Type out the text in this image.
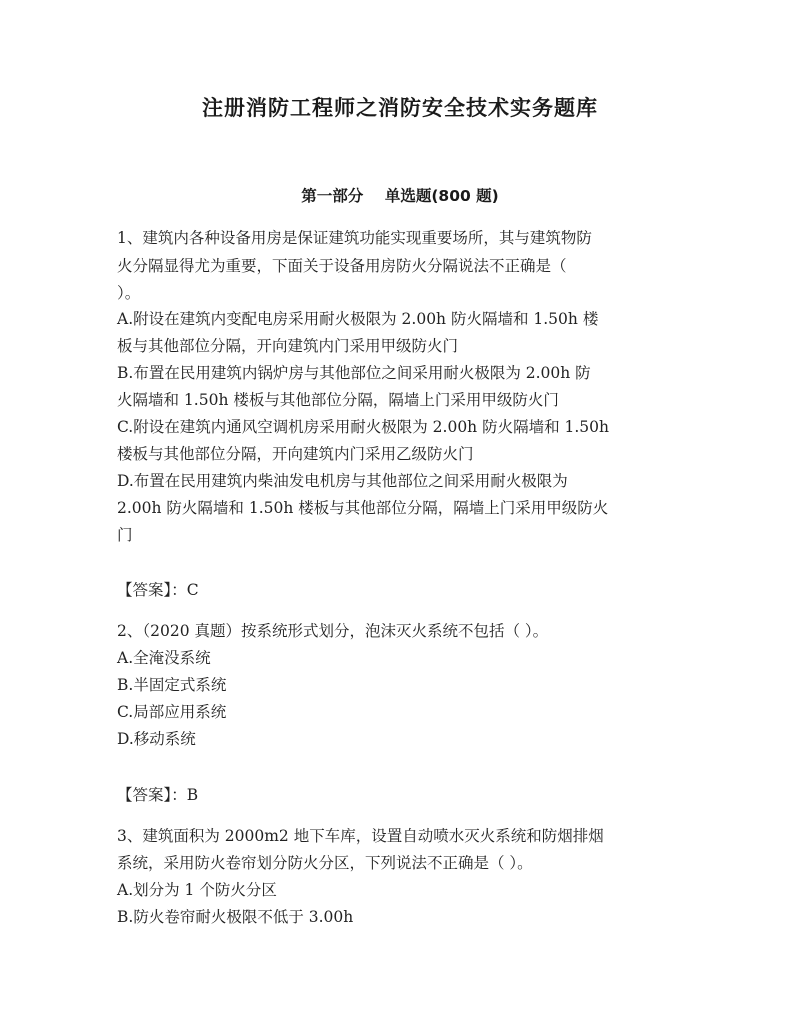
注册消防工程师之消防安全技术实务题库
第一部分    单选题(800 题)
1、建筑内各种设备用房是保证建筑功能实现重要场所，其与建筑物防
火分隔显得尤为重要，下面关于设备用房防火分隔说法不正确是（
）。
A.附设在建筑内变配电房采用耐火极限为 2.00h 防火隔墙和 1.50h 楼
板与其他部位分隔，开向建筑内门采用甲级防火门
B.布置在民用建筑内锅炉房与其他部位之间采用耐火极限为 2.00h 防
火隔墙和 1.50h 楼板与其他部位分隔，隔墙上门采用甲级防火门
C.附设在建筑内通风空调机房采用耐火极限为 2.00h 防火隔墙和 1.50h
楼板与其他部位分隔，开向建筑内门采用乙级防火门
D.布置在民用建筑内柴油发电机房与其他部位之间采用耐火极限为
2.00h 防火隔墙和 1.50h 楼板与其他部位分隔，隔墙上门采用甲级防火
门
【答案】：C
2、（2020 真题）按系统形式划分，泡沫灭火系统不包括（ ）。
A.全淹没系统
B.半固定式系统
C.局部应用系统
D.移动系统
【答案】：B
3、建筑面积为 2000m2 地下车库，设置自动喷水灭火系统和防烟排烟
系统，采用防火卷帘划分防火分区，下列说法不正确是（ ）。
A.划分为 1 个防火分区
B.防火卷帘耐火极限不低于 3.00h
